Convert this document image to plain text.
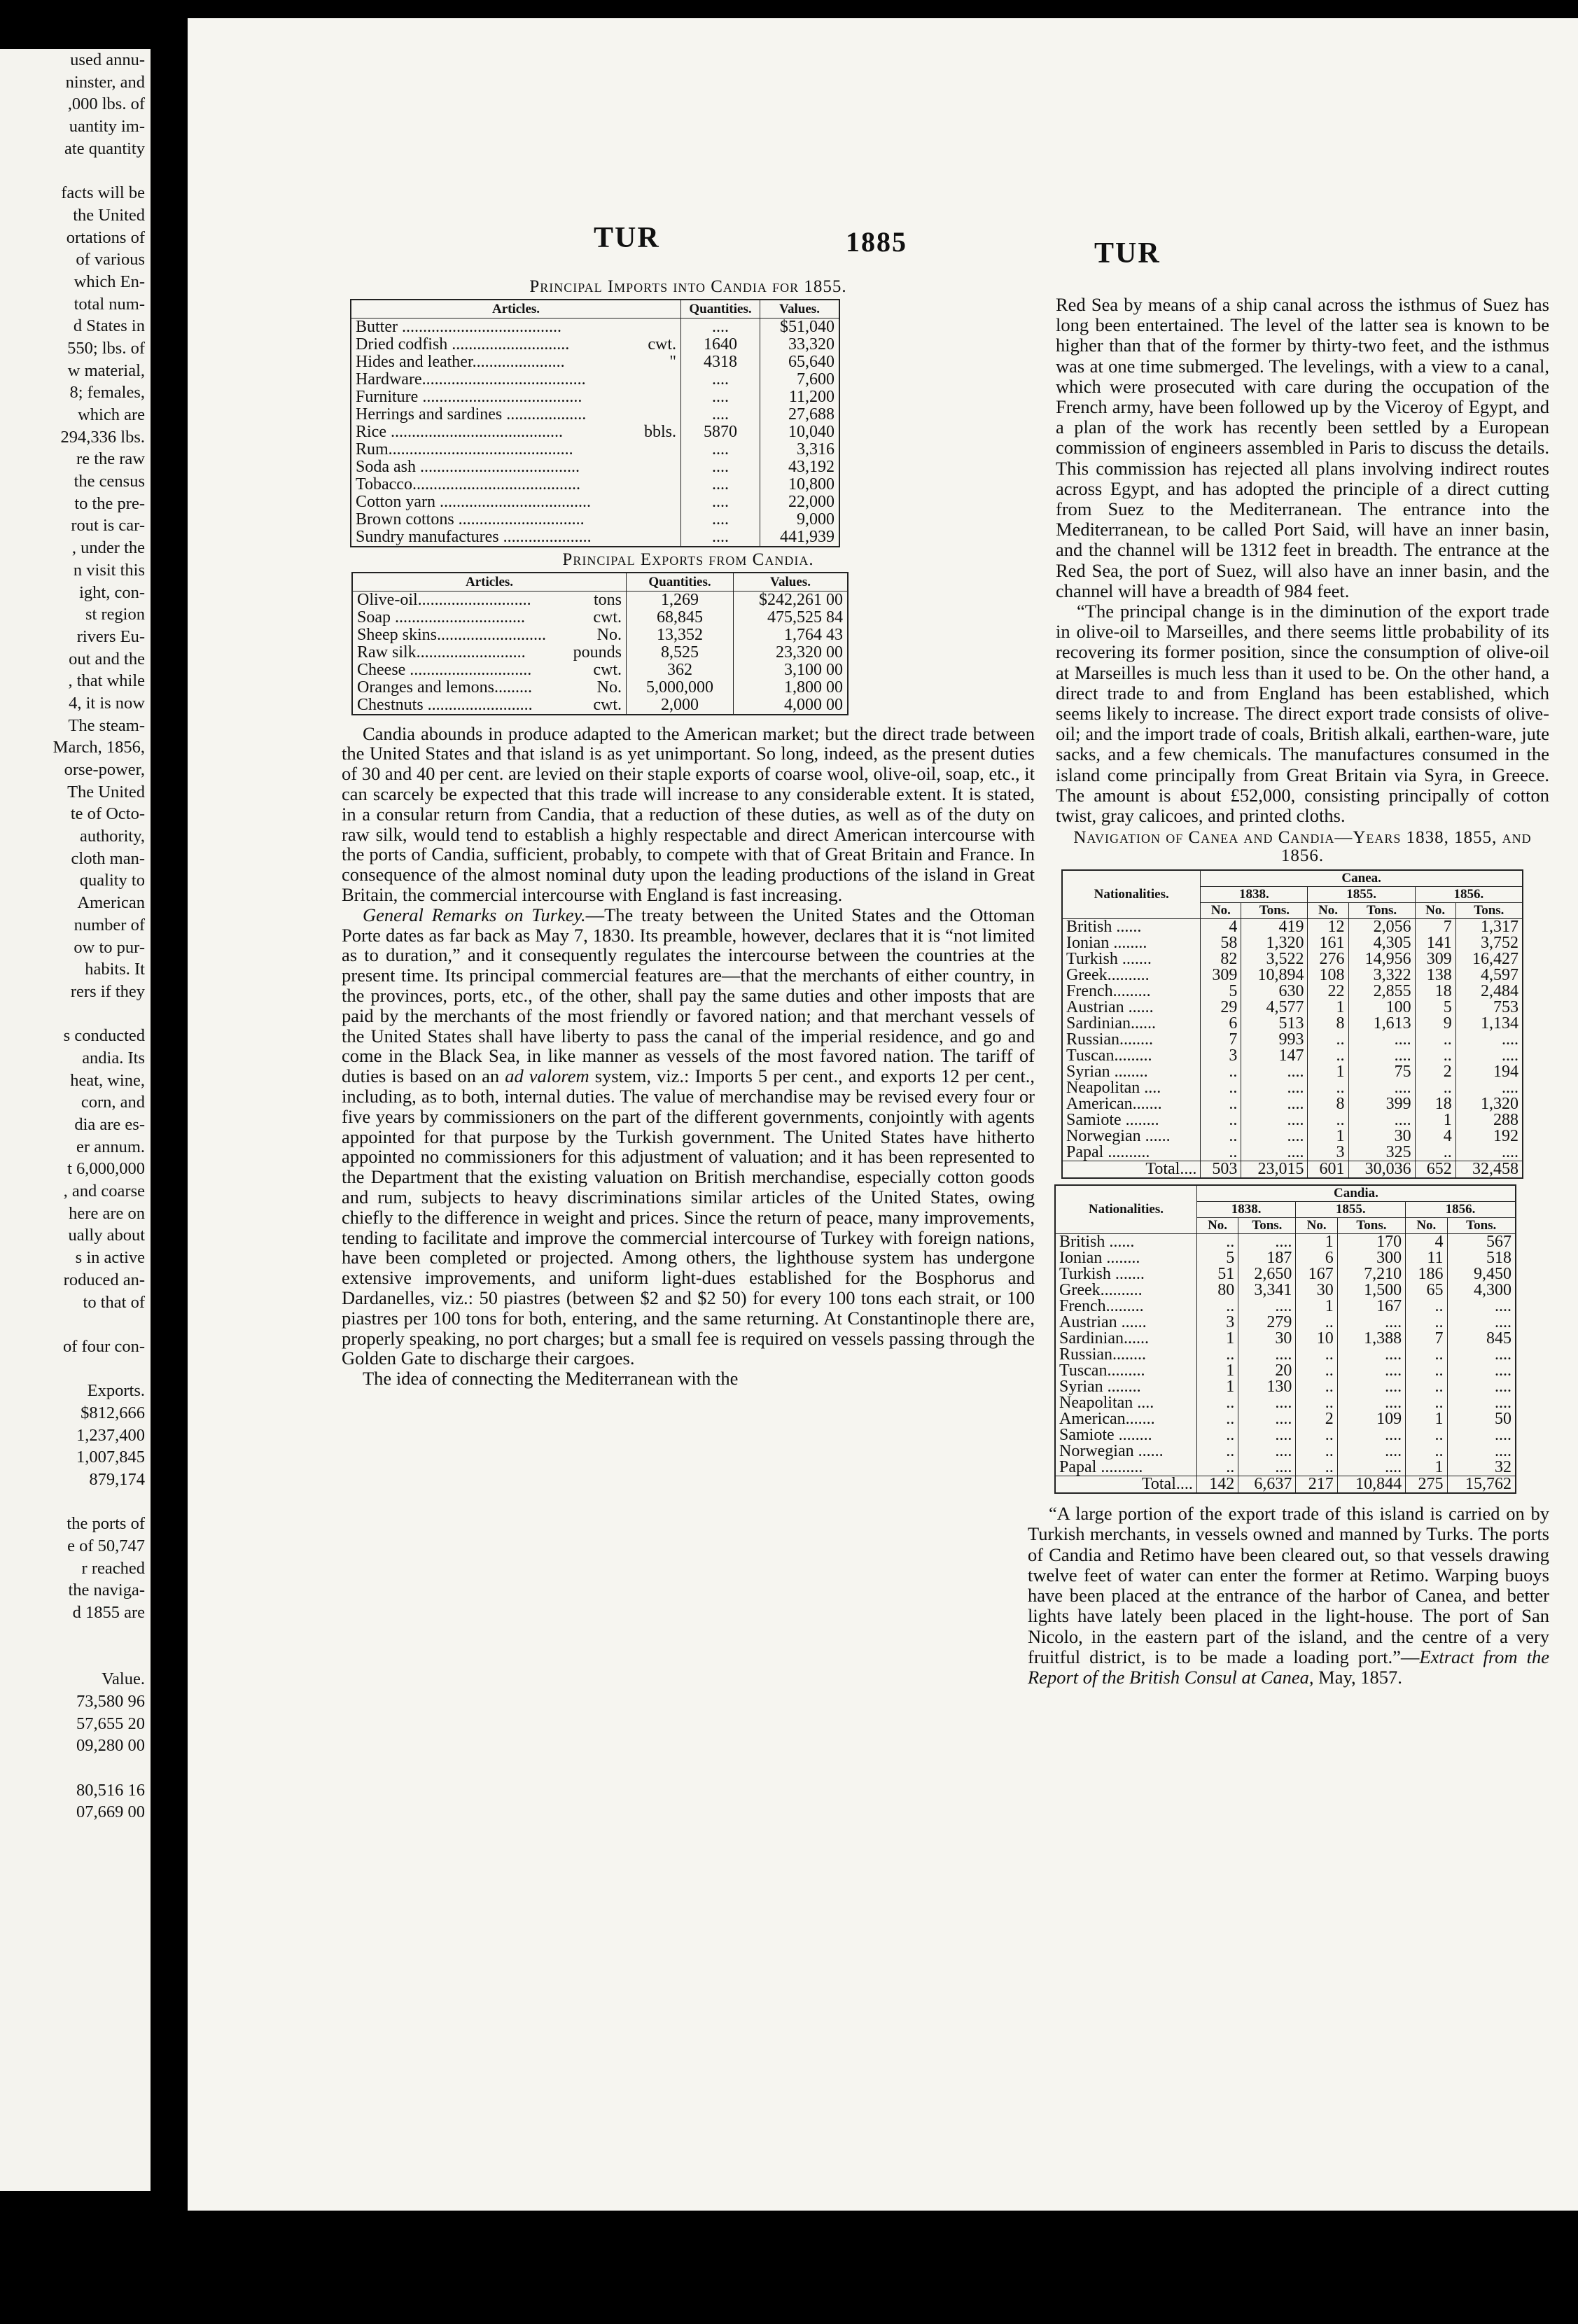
used annu-
ninster, and
,000 lbs. of
uantity im-
ate quantity
facts will be
the United
ortations of
of various
which En-
total num-
d States in
550; lbs. of
w material,
8; females,
which are
294,336 lbs.
re the raw
the census
to the pre-
rout is car-
, under the
n visit this
ight, con-
st region
rivers Eu-
out and the
, that while
4, it is now
The steam-
March, 1856,
orse-power,
The United
te of Octo-
authority,
cloth man-
quality to
American
number of
ow to pur-
habits. It
rers if they
s conducted
andia. Its
heat, wine,
corn, and
dia are es-
er annum.
t 6,000,000
, and coarse
here are on
ually about
s in active
roduced an-
to that of
of four con-
Exports.
$812,666
1,237,400
1,007,845
879,174
the ports of
e of 50,747
r reached
the naviga-
d 1855 are
Value.
73,580 96
57,655 20
09,280 00
80,516 16
07,669 00
TUR	1885	TUR
Principal Imports into Candia for 1855.
Articles.	Quantities.	Values.

Butter ......................................	....	$51,040

Dried codfish ............................	cwt. 1640	33,320

Hides and leather......................	" 4318	65,640

Hardware.......................................	....	7,600

Furniture ......................................	....	11,200

Herrings and sardines ...................	....	27,688

Rice .........................................	bbls. 5870	10,040

Rum............................................	....	3,316

Soda ash ......................................	....	43,192

Tobacco........................................	....	10,800

Cotton yarn ....................................	....	22,000

Brown cottons ..............................	....	9,000

Sundry manufactures .....................	....	441,939
Principal Exports from Candia.
Articles.	Quantities.	Values.

Olive-oil...........................	tons 1,269	$242,261 00

Soap ...............................	cwt. 68,845	475,525 84

Sheep skins..........................	No. 13,352	1,764 43

Raw silk..........................	pounds 8,525	23,320 00

Cheese .............................	cwt.	362	3,100 00

Oranges and lemons.........	No. 5,000,000	1,800 00

Chestnuts .........................	cwt. 2,000	4,000 00

Candia abounds in produce adapted to the American market; but the direct trade between the United States and that island is as yet unimportant. So long, indeed, as the present duties of 30 and 40 per cent. are levied on their staple exports of coarse wool, olive-oil, soap, etc., it can scarcely be expected that this trade will increase to any considerable extent. It is stated, in a consular return from Candia, that a reduction of these duties, as well as of the duty on raw silk, would tend to establish a highly respectable and direct American intercourse with the ports of Candia, sufficient, probably, to compete with that of Great Britain and France. In consequence of the almost nominal duty upon the leading productions of the island in Great Britain, the commercial intercourse with England is fast increasing.

General Remarks on Turkey.—The treaty between the United States and the Ottoman Porte dates as far back as May 7, 1830. Its preamble, however, declares that it is “not limited as to duration,” and it consequently regulates the intercourse between the countries at the present time. Its principal commercial features are—that the merchants of either country, in the provinces, ports, etc., of the other, shall pay the same duties and other imposts that are paid by the merchants of the most friendly or favored nation; and that merchant vessels of the United States shall have liberty to pass the canal of the imperial residence, and go and come in the Black Sea, in like manner as vessels of the most favored nation. The tariff of duties is based on an ad valorem system, viz.: Imports 5 per cent., and exports 12 per cent., including, as to both, internal duties. The value of merchandise may be revised every four or five years by commissioners on the part of the different governments, conjointly with agents appointed for that purpose by the Turkish government. The United States have hitherto appointed no commissioners for this adjustment of valuation; and it has been represented to the Department that the existing valuation on British merchandise, especially cotton goods and rum, subjects to heavy discriminations similar articles of the United States, owing chiefly to the difference in weight and prices. Since the return of peace, many improvements, tending to facilitate and improve the commercial intercourse of Turkey with foreign nations, have been completed or projected. Among others, the lighthouse system has undergone extensive improvements, and uniform light-dues established for the Bosphorus and Dardanelles, viz.: 50 piastres (between $2 and $2 50) for every 100 tons each strait, or 100 piastres per 100 tons for both, entering, and the same returning. At Constantinople there are, properly speaking, no port charges; but a small fee is required on vessels passing through the Golden Gate to discharge their cargoes.

The idea of connecting the Mediterranean with the

Red Sea by means of a ship canal across the isthmus of Suez has long been entertained. The level of the latter sea is known to be higher than that of the former by thirty-two feet, and the isthmus was at one time submerged. The levelings, with a view to a canal, which were prosecuted with care during the occupation of the French army, have been followed up by the Viceroy of Egypt, and a plan of the work has recently been settled by a European commission of engineers assembled in Paris to discuss the details. This commission has rejected all plans involving indirect routes across Egypt, and has adopted the principle of a direct cutting from Suez to the Mediterranean. The entrance into the Mediterranean, to be called Port Said, will have an inner basin, and the channel will be 1312 feet in breadth. The entrance at the Red Sea, the port of Suez, will also have an inner basin, and the channel will have a breadth of 984 feet.

“The principal change is in the diminution of the export trade in olive-oil to Marseilles, and there seems little probability of its recovering its former position, since the consumption of olive-oil at Marseilles is much less than it used to be. On the other hand, a direct trade to and from England has been established, which seems likely to increase. The direct export trade consists of olive-oil; and the import trade of coals, British alkali, earthen-ware, jute sacks, and a few chemicals. The manufactures consumed in the island come principally from Great Britain via Syra, in Greece. The amount is about £52,000, consisting principally of cotton twist, gray calicoes, and printed cloths.

Navigation of Canea and Candia—Years 1838, 1855, and 1856.
Nationalities.	Canea.					
	1838.		1855.		1856.	
	No.	Tons.	No.	Tons.	No.	Tons.
British ......	4	419	12	2,056	7	1,317
Ionian ........	58	1,320	161	4,305	141	3,752
Turkish .......	82	3,522	276	14,956	309	16,427
Greek..........	309	10,894	108	3,322	138	4,597
French.........	5	630	22	2,855	18	2,484
Austrian ......	29	4,577	1	100	5	753
Sardinian......	6	513	8	1,613	9	1,134
Russian........	7	993	..	....	..	....
Tuscan.........	3	147	..	....	..	....
Syrian ........	..	....	1	75	2	194
Neapolitan ....	..	....	..	....	..	....
American.......	..	....	8	399	18	1,320
Samiote ........	..	....	..	....	1	288
Norwegian ......	..	....	1	30	4	192
Papal ..........	..	....	3	325	..	....
Total....	503	23,015	601	30,036	652	32,458
Nationalities.	Candia.					
	1838.		1855.		1856.	
	No.	Tons.	No.	Tons.	No.	Tons.
British ......	..	....	1	170	4	567
Ionian ........	5	187	6	300	11	518
Turkish .......	51	2,650	167	7,210	186	9,450
Greek..........	80	3,341	30	1,500	65	4,300
French.........	..	....	1	167	..	....
Austrian ......	3	279	..	....	..	....
Sardinian......	1	30	10	1,388	7	845
Russian........	..	....	..	....	..	....
Tuscan.........	1	20	..	....	..	....
Syrian ........	1	130	..	....	..	....
Neapolitan ....	..	....	..	....	..	....
American.......	..	....	2	109	1	50
Samiote ........	..	....	..	....	..	....
Norwegian ......	..	....	..	....	..	....
Papal ..........	..	....	..	....	1	32
Total....	142	6,637	217	10,844	275	15,762

“A large portion of the export trade of this island is carried on by Turkish merchants, in vessels owned and manned by Turks. The ports of Candia and Retimo have been cleared out, so that vessels drawing twelve feet of water can enter the former at Retimo. Warping buoys have been placed at the entrance of the harbor of Canea, and better lights have lately been placed in the light-house. The port of San Nicolo, in the eastern part of the island, and the centre of a very fruitful district, is to be made a loading port.”—Extract from the Report of the British Consul at Canea, May, 1857.
